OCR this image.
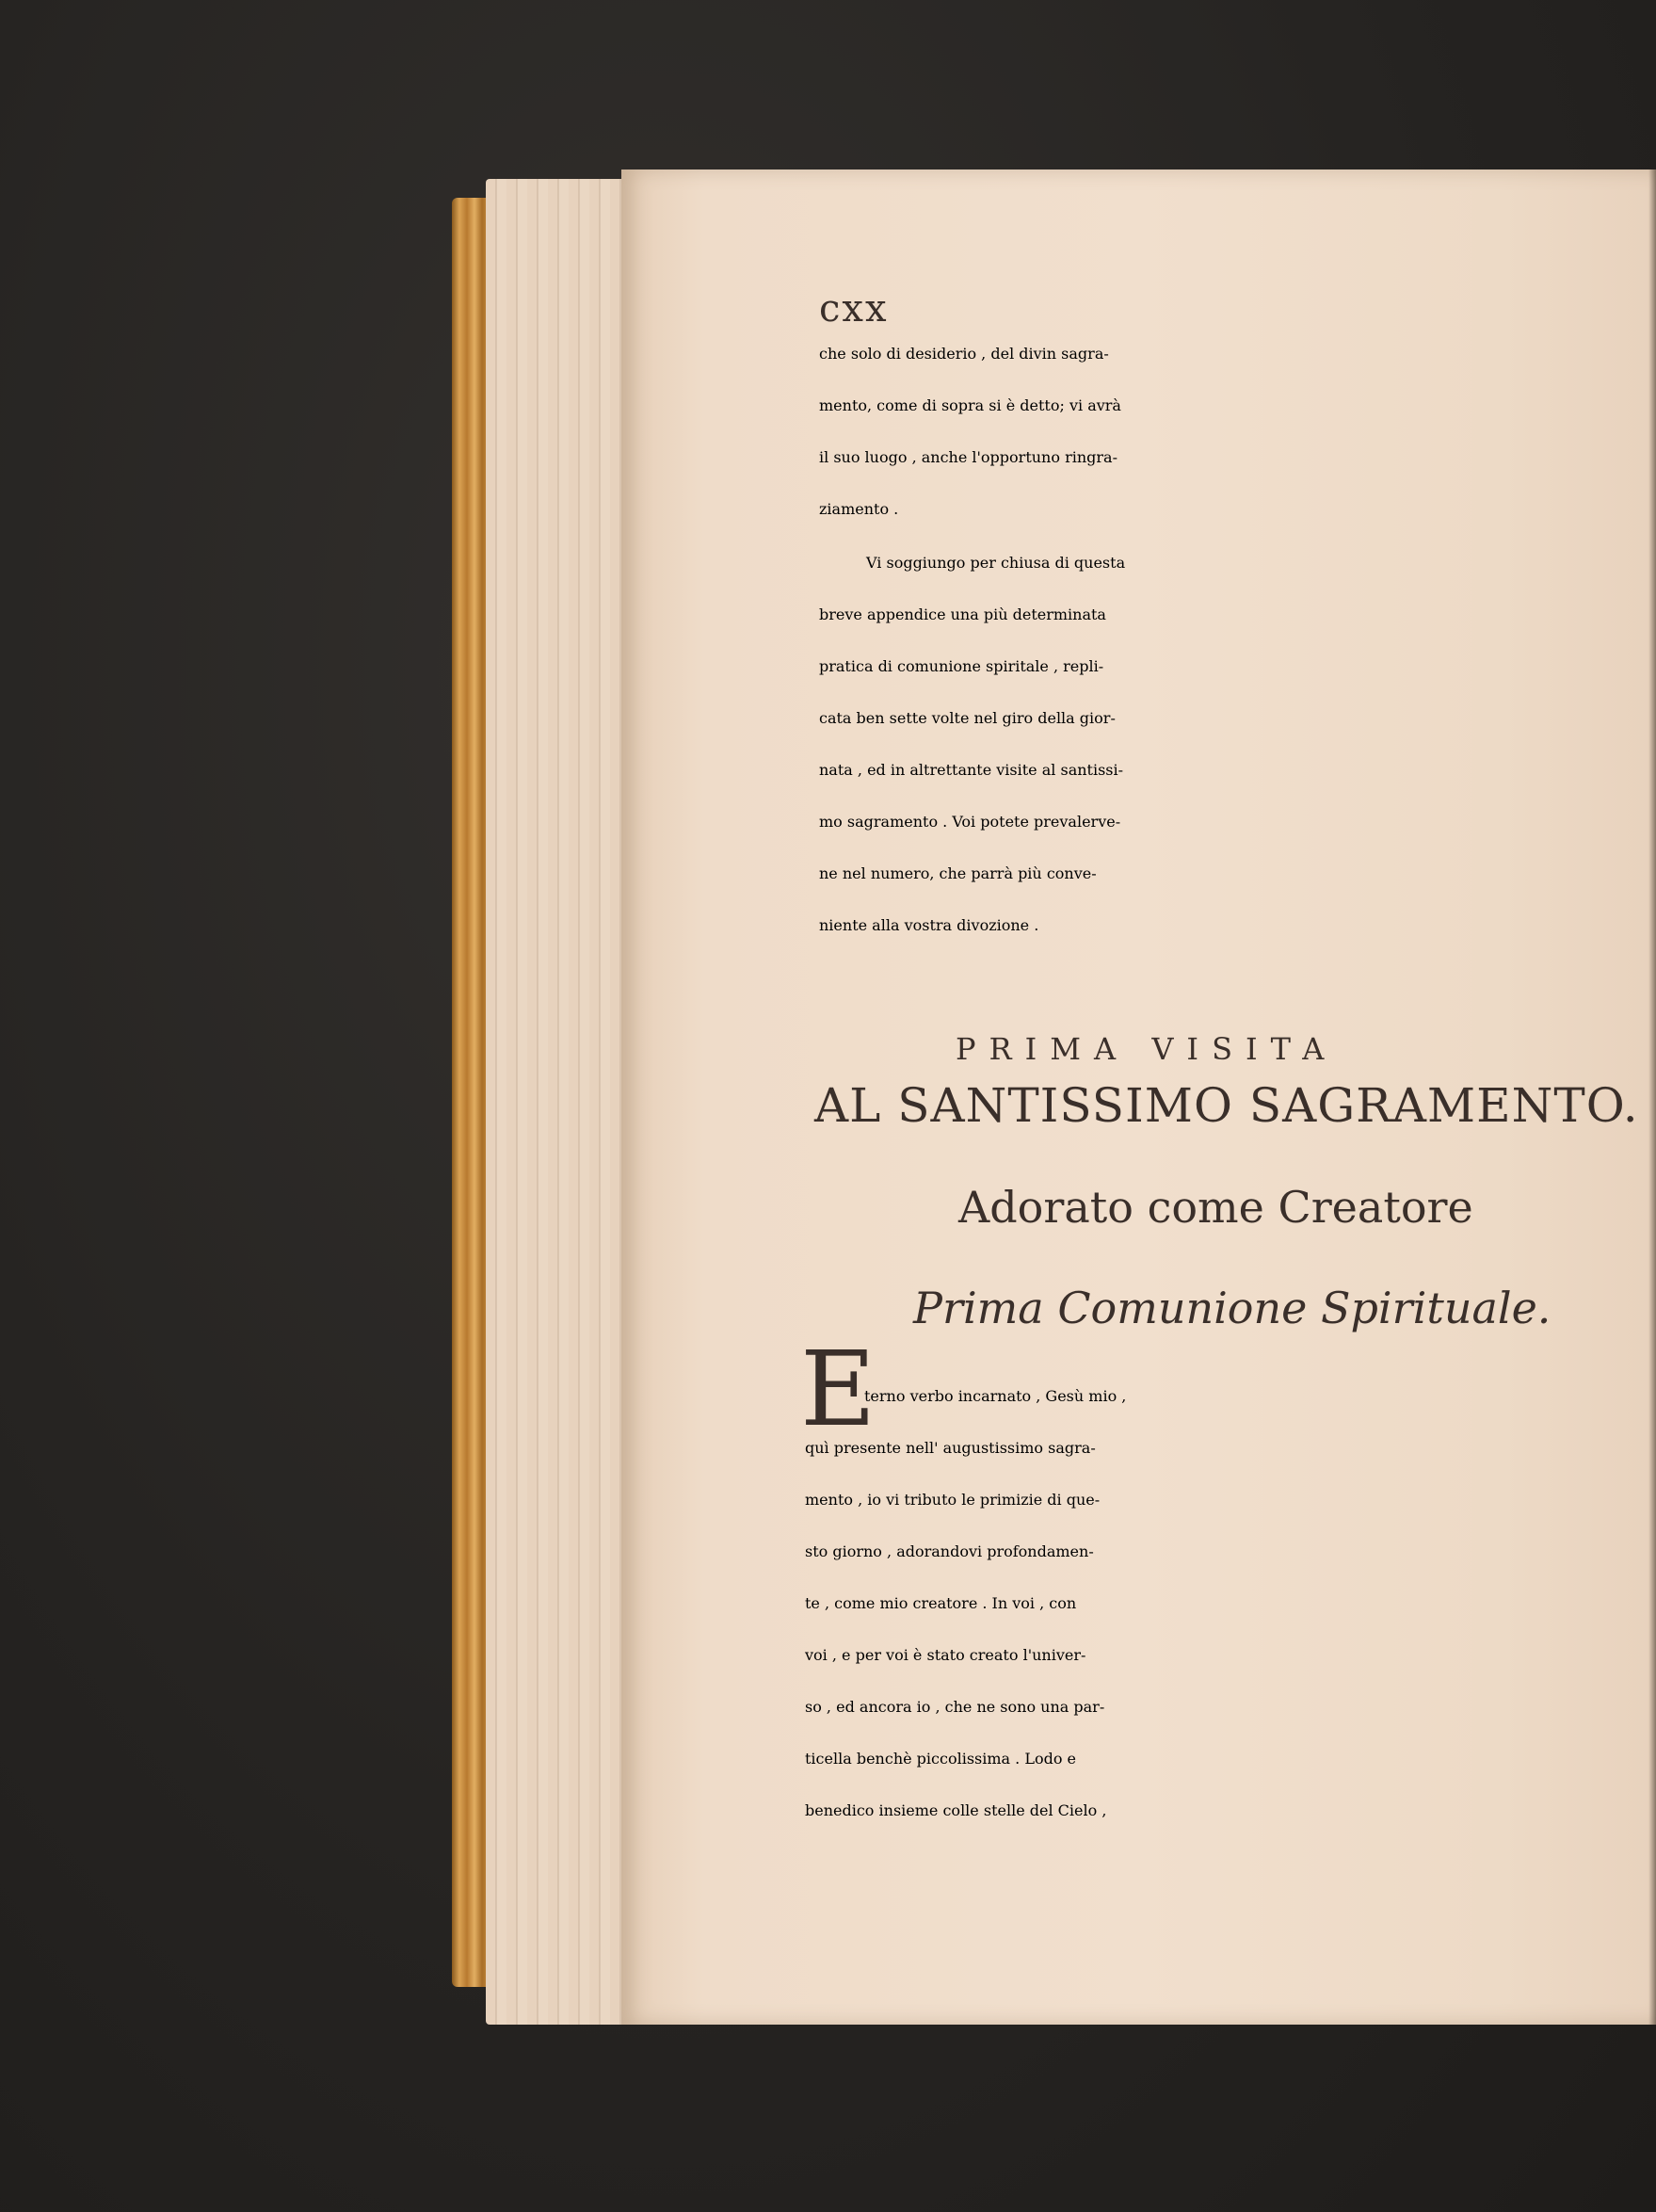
cxx
che solo di desiderio , del divin sagra-
mento, come di sopra si è detto; vi avrà
il suo luogo , anche l'opportuno ringra-
ziamento .
Vi soggiungo per chiusa di questa
breve appendice una più determinata
pratica di comunione spiritale , repli-
cata ben sette volte nel giro della gior-
nata , ed in altrettante visite al santissi-
mo sagramento . Voi potete prevalerve-
ne nel numero, che parrà più conve-
niente alla vostra divozione .
PRIMA VISITA
AL SANTISSIMO SAGRAMENTO.
Adorato come Creatore
Prima Comunione Spirituale.
E
terno verbo incarnato , Gesù mio ,
quì presente nell' augustissimo sagra-
mento , io vi tributo le primizie di que-
sto giorno , adorandovi profondamen-
te , come mio creatore . In voi , con
voi , e per voi è stato creato l'univer-
so , ed ancora io , che ne sono una par-
ticella benchè piccolissima . Lodo e
benedico insieme colle stelle del Cielo ,
